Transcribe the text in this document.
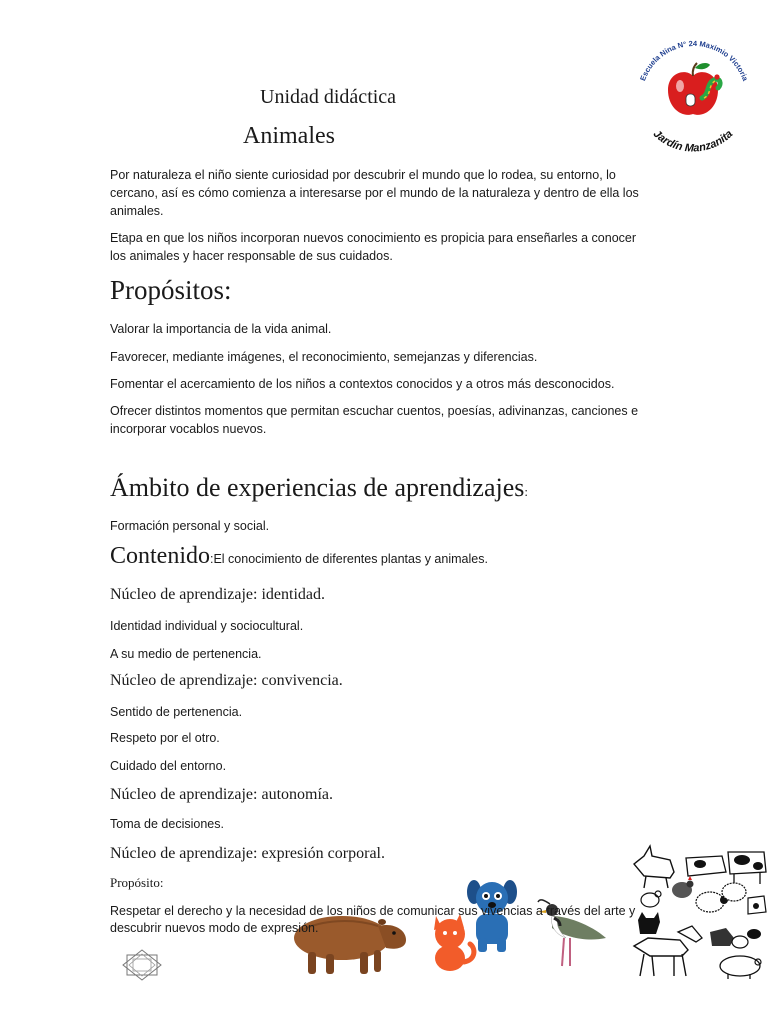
Escuela Nina N° 24 Maximio Victoria
Jardín Manzanita
Unidad didáctica
Animales
Por naturaleza el niño siente curiosidad por descubrir el mundo que lo rodea, su entorno, lo
cercano, así es cómo comienza a interesarse por el mundo de la naturaleza y dentro de ella los
animales.
Etapa en que los niños incorporan nuevos conocimiento es propicia para enseñarles a conocer
los animales y hacer responsable de sus cuidados.
Propósitos:
Valorar la importancia de la vida animal.
Favorecer, mediante imágenes, el reconocimiento, semejanzas y diferencias.
Fomentar el acercamiento de los niños a contextos conocidos y a otros más desconocidos.
Ofrecer distintos momentos que permitan escuchar cuentos, poesías, adivinanzas, canciones e
incorporar vocablos nuevos.
Ámbito de experiencias de aprendizajes:
Formación personal y social.
Contenido:El conocimiento de diferentes plantas y animales.
Núcleo de aprendizaje: identidad.
Identidad individual y sociocultural.
A su medio de pertenencia.
Núcleo de aprendizaje: convivencia.
Sentido de pertenencia.
Respeto por el otro.
Cuidado del entorno.
Núcleo de aprendizaje: autonomía.
Toma de decisiones.
Núcleo de aprendizaje: expresión corporal.
Propósito:
Respetar el derecho y la necesidad de los niños de comunicar sus vivencias a través del arte y
descubrir nuevos modo de expresión.
